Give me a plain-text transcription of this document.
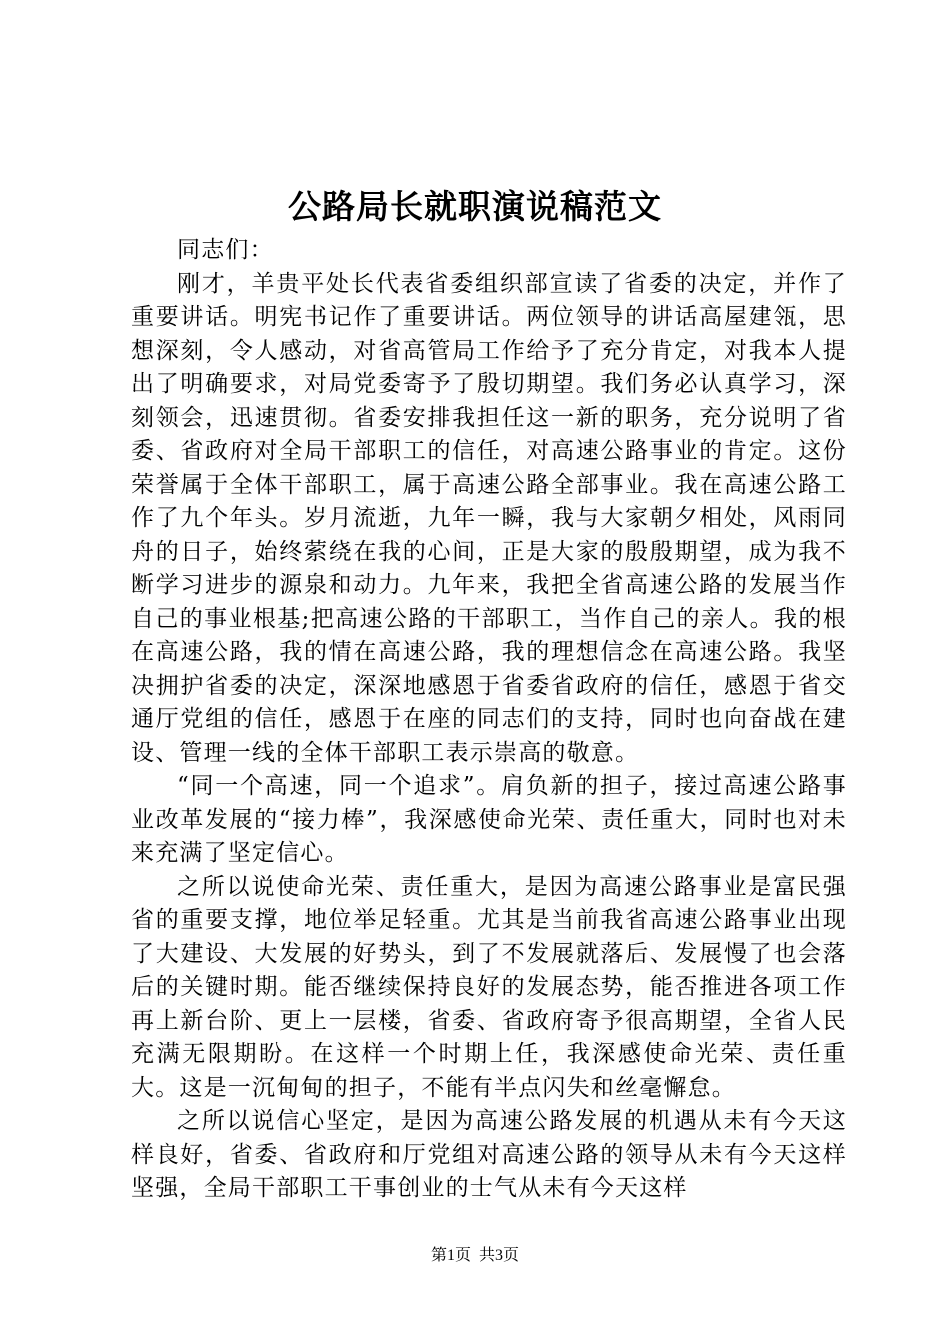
公路局长就职演说稿范文

同志们：

刚才，羊贵平处长代表省委组织部宣读了省委的决定，并作了重要讲话。明宪书记作了重要讲话。两位领导的讲话高屋建瓴，思想深刻，令人感动，对省高管局工作给予了充分肯定，对我本人提出了明确要求，对局党委寄予了殷切期望。我们务必认真学习，深刻领会，迅速贯彻。省委安排我担任这一新的职务，充分说明了省委、省政府对全局干部职工的信任，对高速公路事业的肯定。这份荣誉属于全体干部职工，属于高速公路全部事业。我在高速公路工作了九个年头。岁月流逝，九年一瞬，我与大家朝夕相处，风雨同舟的日子，始终萦绕在我的心间，正是大家的殷殷期望，成为我不断学习进步的源泉和动力。九年来，我把全省高速公路的发展当作自己的事业根基;把高速公路的干部职工，当作自己的亲人。我的根在高速公路，我的情在高速公路，我的理想信念在高速公路。我坚决拥护省委的决定，深深地感恩于省委省政府的信任，感恩于省交通厅党组的信任，感恩于在座的同志们的支持，同时也向奋战在建设、管理一线的全体干部职工表示崇高的敬意。

“同一个高速，同一个追求”。肩负新的担子，接过高速公路事业改革发展的“接力棒”，我深感使命光荣、责任重大，同时也对未来充满了坚定信心。

之所以说使命光荣、责任重大，是因为高速公路事业是富民强省的重要支撑，地位举足轻重。尤其是当前我省高速公路事业出现了大建设、大发展的好势头，到了不发展就落后、发展慢了也会落后的关键时期。能否继续保持良好的发展态势，能否推进各项工作再上新台阶、更上一层楼，省委、省政府寄予很高期望，全省人民充满无限期盼。在这样一个时期上任，我深感使命光荣、责任重大。这是一沉甸甸的担子，不能有半点闪失和丝毫懈怠。

之所以说信心坚定，是因为高速公路发展的机遇从未有今天这样良好，省委、省政府和厅党组对高速公路的领导从未有今天这样坚强，全局干部职工干事创业的士气从未有今天这样

第1页 共3页
